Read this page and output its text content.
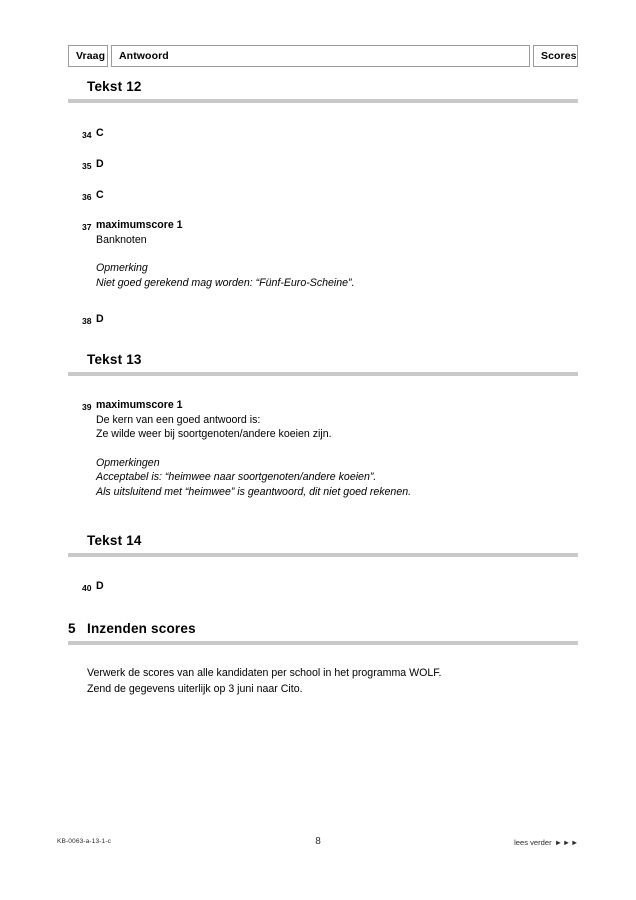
Vraag Antwoord	Scores
Tekst 12
34 C
35 D
36 C
37 maximumscore 1
Banknoten
Opmerking
Niet goed gerekend mag worden: “Fünf-Euro-Scheine”.
38 D
Tekst 13
39 maximumscore 1
De kern van een goed antwoord is:
Ze wilde weer bij soortgenoten/andere koeien zijn.
Opmerkingen
Acceptabel is: “heimwee naar soortgenoten/andere koeien”.
Als uitsluitend met “heimwee” is geantwoord, dit niet goed rekenen.
Tekst 14
40 D
5 Inzenden scores
Verwerk de scores van alle kandidaten per school in het programma WOLF.
Zend de gegevens uiterlijk op 3 juni naar Cito.
KB-0063-a-13-1-c	8	lees verder ►►►
